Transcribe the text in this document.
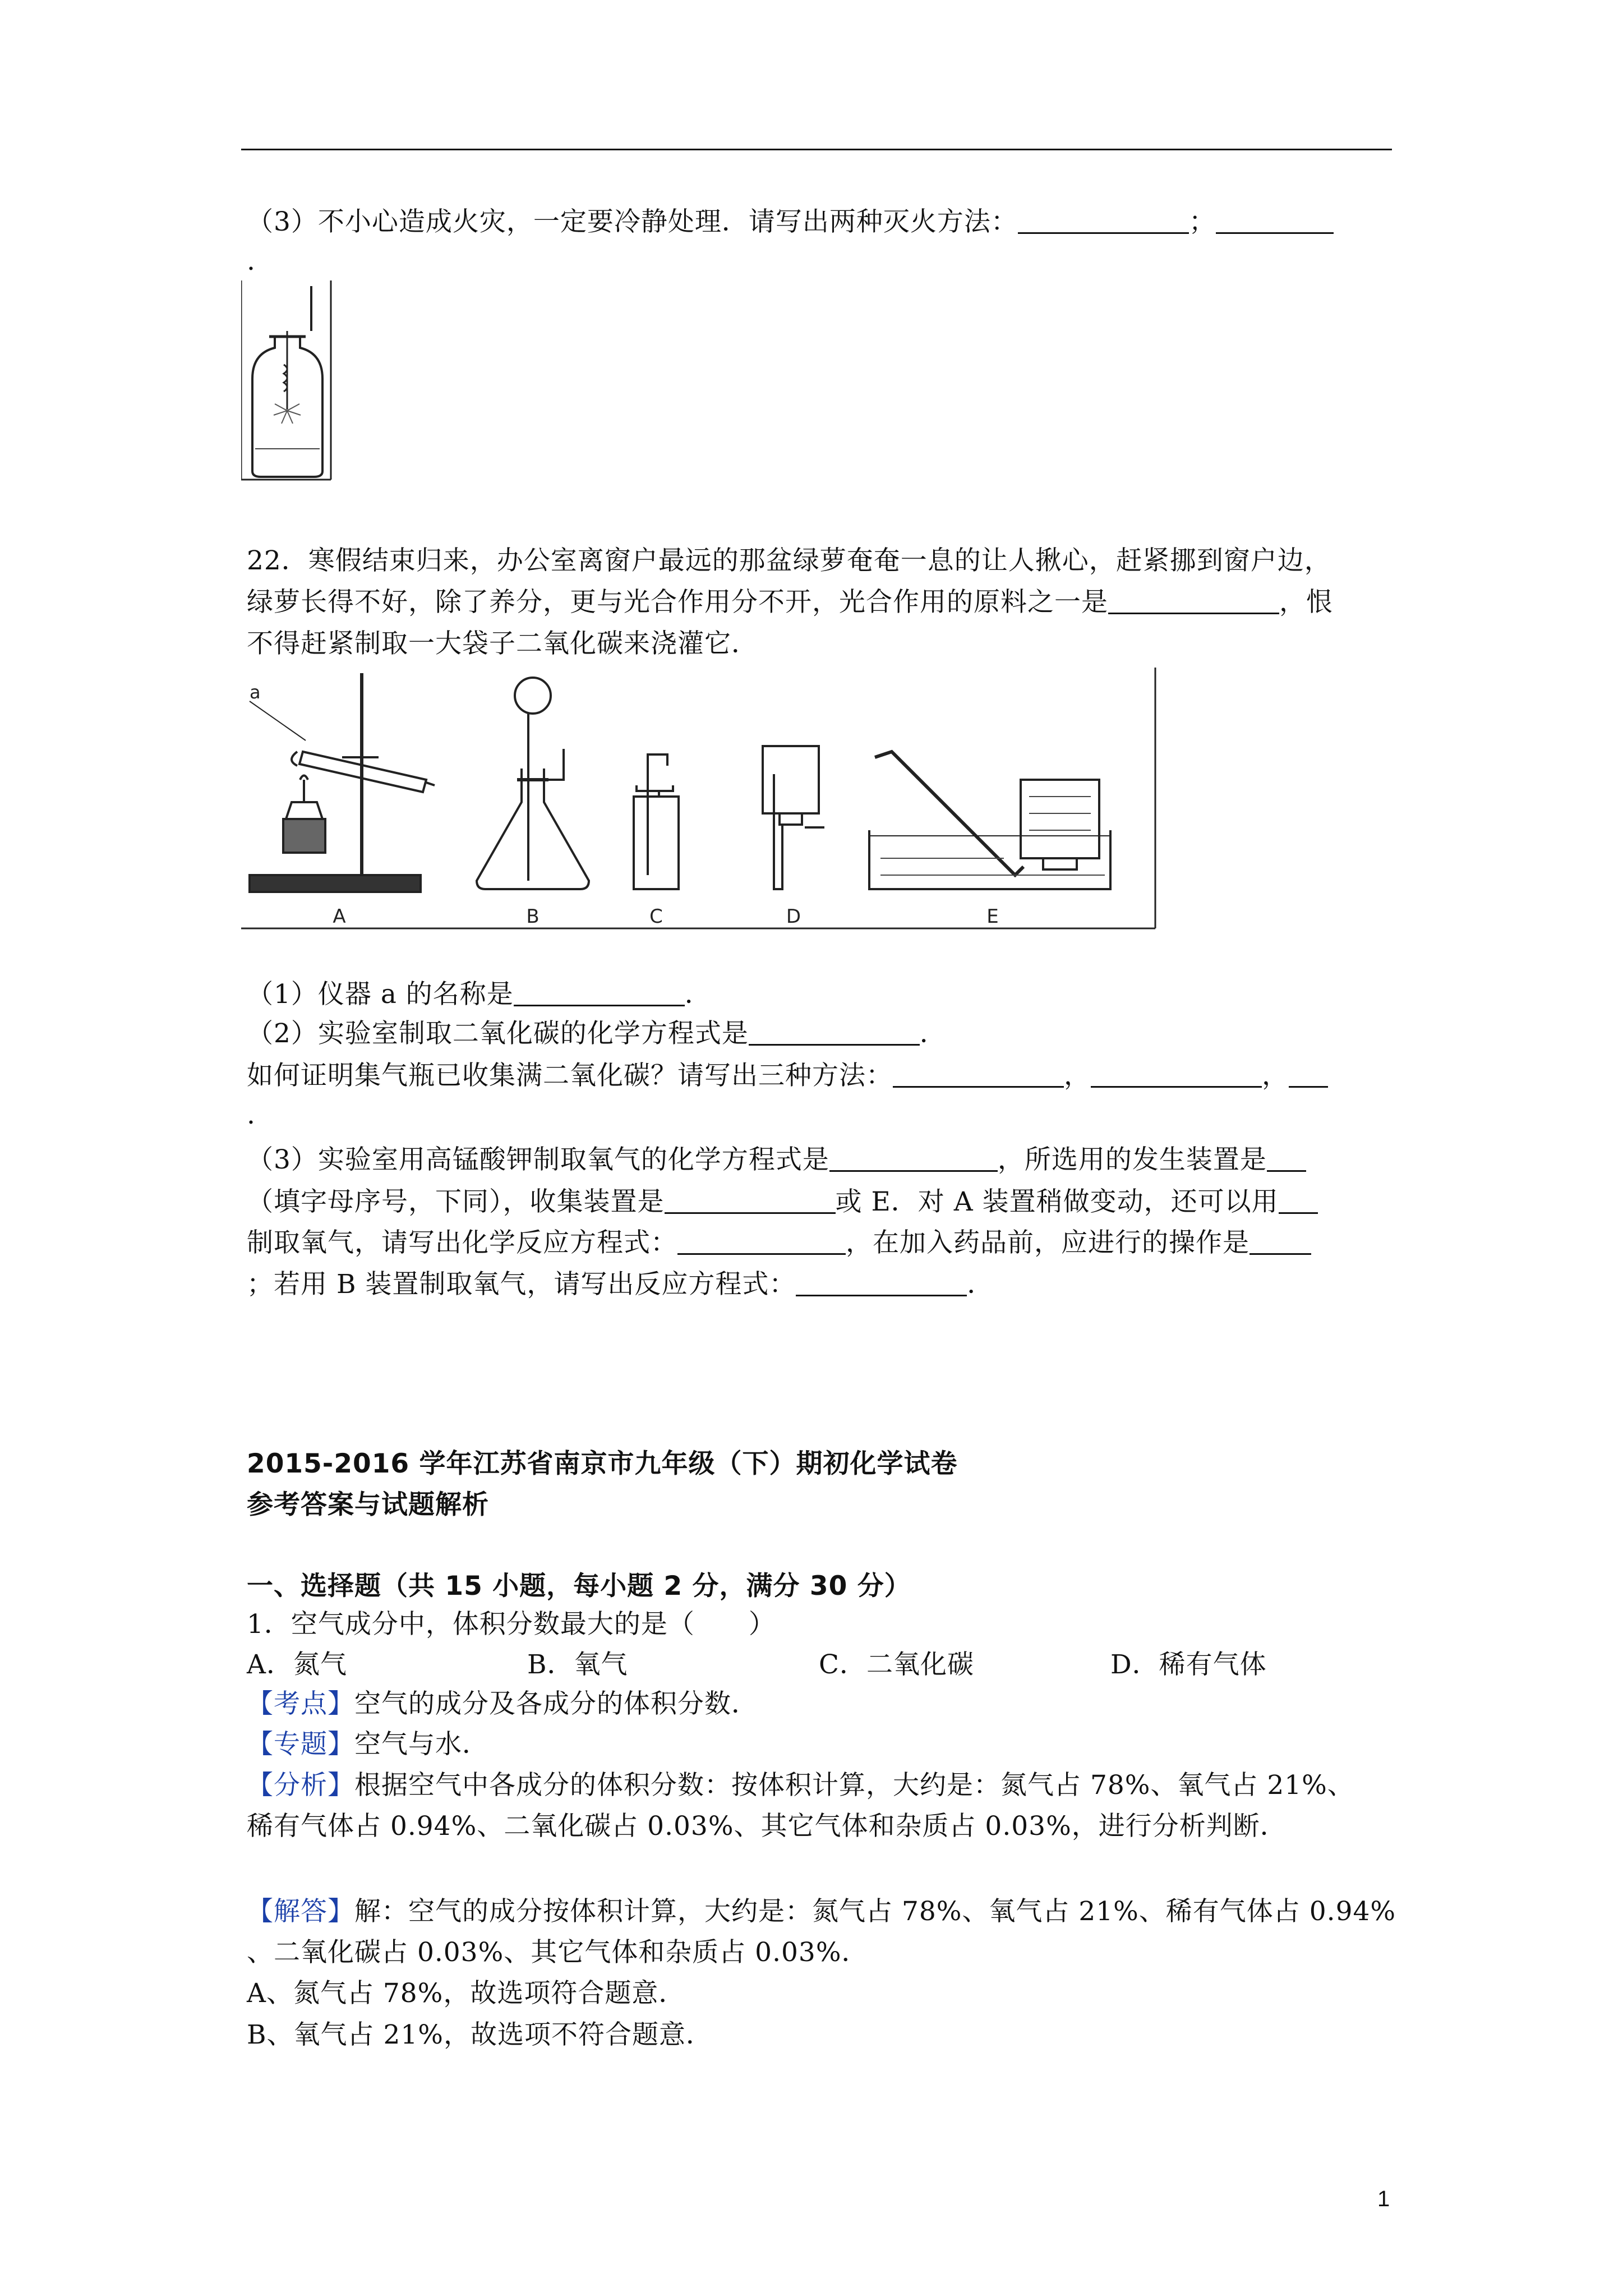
（3）不小心造成火灾，一定要冷静处理．请写出两种灭火方法：	；
.
22．寒假结束归来，办公室离窗户最远的那盆绿萝奄奄一息的让人揪心，赶紧挪到窗户边，
绿萝长得不好，除了养分，更与光合作用分不开，光合作用的原料之一是	，恨
不得赶紧制取一大袋子二氧化碳来浇灌它．
a
A	B	C	D	E
（1）仪器 a 的名称是	．
（2）实验室制取二氧化碳的化学方程式是	．
如何证明集气瓶已收集满二氧化碳？请写出三种方法：	，	，
.
（3）实验室用高锰酸钾制取氧气的化学方程式是	，所选用的发生装置是
（填字母序号，下同），收集装置是	或 E．对 A 装置稍做变动，还可以用
制取氧气，请写出化学反应方程式：	，在加入药品前，应进行的操作是
；若用 B 装置制取氧气，请写出反应方程式：	．
2015-2016 学年江苏省南京市九年级（下）期初化学试卷
参考答案与试题解析
一、选择题（共 15 小题，每小题 2 分，满分 30 分）
1．空气成分中，体积分数最大的是（　　）
A．氮气	B．氧气	C．二氧化碳	D．稀有气体
【考点】空气的成分及各成分的体积分数．
【专题】空气与水．
【分析】根据空气中各成分的体积分数：按体积计算，大约是：氮气占 78%、氧气占 21%、
稀有气体占 0.94%、二氧化碳占 0.03%、其它气体和杂质占 0.03%，进行分析判断．
【解答】解：空气的成分按体积计算，大约是：氮气占 78%、氧气占 21%、稀有气体占 0.94%
、二氧化碳占 0.03%、其它气体和杂质占 0.03%．
A、氮气占 78%，故选项符合题意．
B、氧气占 21%，故选项不符合题意．
1
